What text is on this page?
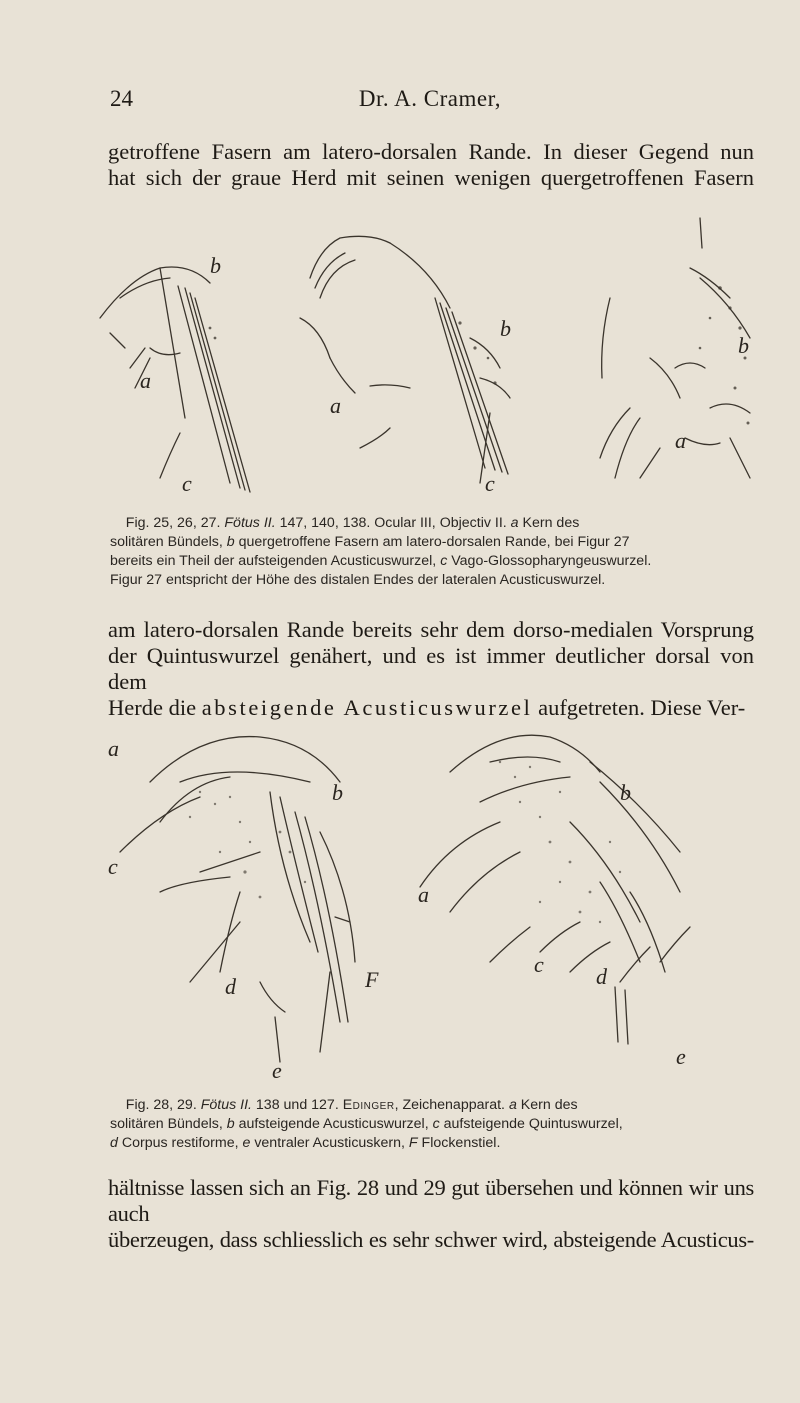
24	Dr. A. Cramer,

getroffene Fasern am latero-dorsalen Rande. In dieser Gegend nun

hat sich der graue Herd mit seinen wenigen quergetroffenen Fasern

b
a
c
a
b
c
b
a
Fig. 25, 26, 27. Fötus II. 147, 140, 138. Ocular III, Objectiv II. a Kern des
solitären Bündels, b quergetroffene Fasern am latero-dorsalen Rande, bei Figur 27
bereits ein Theil der aufsteigenden Acusticuswurzel, c Vago-Glossopharyngeuswurzel.
Figur 27 entspricht der Höhe des distalen Endes der lateralen Acusticuswurzel.

am latero-dorsalen Rande bereits sehr dem dorso-medialen Vorsprung

der Quintuswurzel genähert, und es ist immer deutlicher dorsal von dem

Herde die absteigende Acusticuswurzel aufgetreten. Diese Ver-

b
a
c
d
e
F
b
a
c d
e
Fig. 28, 29. Fötus II. 138 und 127. Edinger, Zeichenapparat. a Kern des
solitären Bündels, b aufsteigende Acusticuswurzel, c aufsteigende Quintuswurzel,
d Corpus restiforme, e ventraler Acusticuskern, F Flockenstiel.

hältnisse lassen sich an Fig. 28 und 29 gut übersehen und können wir uns auch

überzeugen, dass schliesslich es sehr schwer wird, absteigende Acusticus-
